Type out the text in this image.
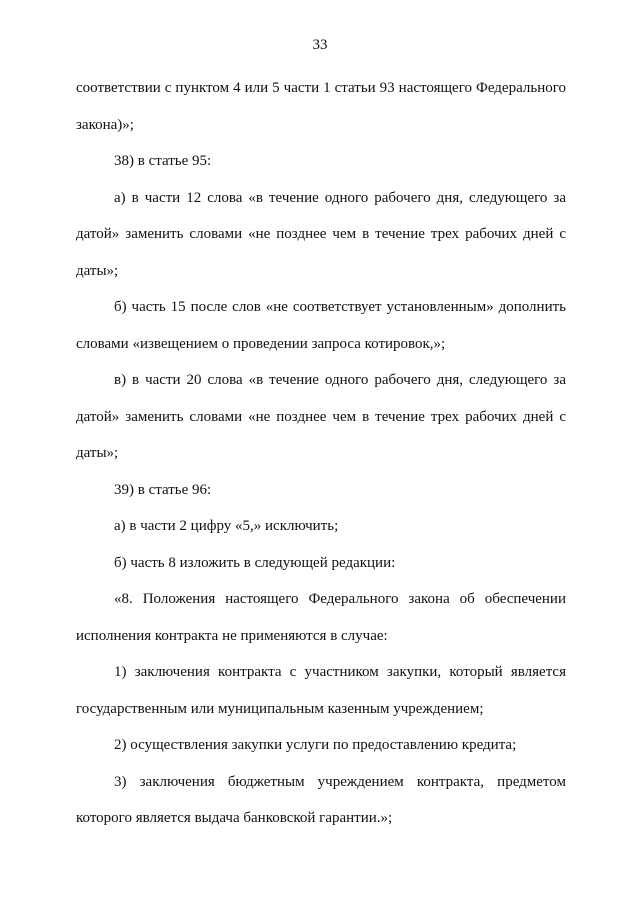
33

соответствии с пунктом 4 или 5 части 1 статьи 93 настоящего Федерального закона)»;

38) в статье 95:

а) в части 12 слова «в течение одного рабочего дня, следующего за датой» заменить словами «не позднее чем в течение трех рабочих дней с даты»;

б) часть 15 после слов «не соответствует установленным» дополнить словами «извещением о проведении запроса котировок,»;

в) в части 20 слова «в течение одного рабочего дня, следующего за датой» заменить словами «не позднее чем в течение трех рабочих дней с даты»;

39) в статье 96:

а) в части 2 цифру «5,» исключить;

б) часть 8 изложить в следующей редакции:

«8. Положения настоящего Федерального закона об обеспечении исполнения контракта не применяются в случае:

1) заключения контракта с участником закупки, который является государственным или муниципальным казенным учреждением;

2) осуществления закупки услуги по предоставлению кредита;

3) заключения бюджетным учреждением контракта, предметом которого является выдача банковской гарантии.»;
